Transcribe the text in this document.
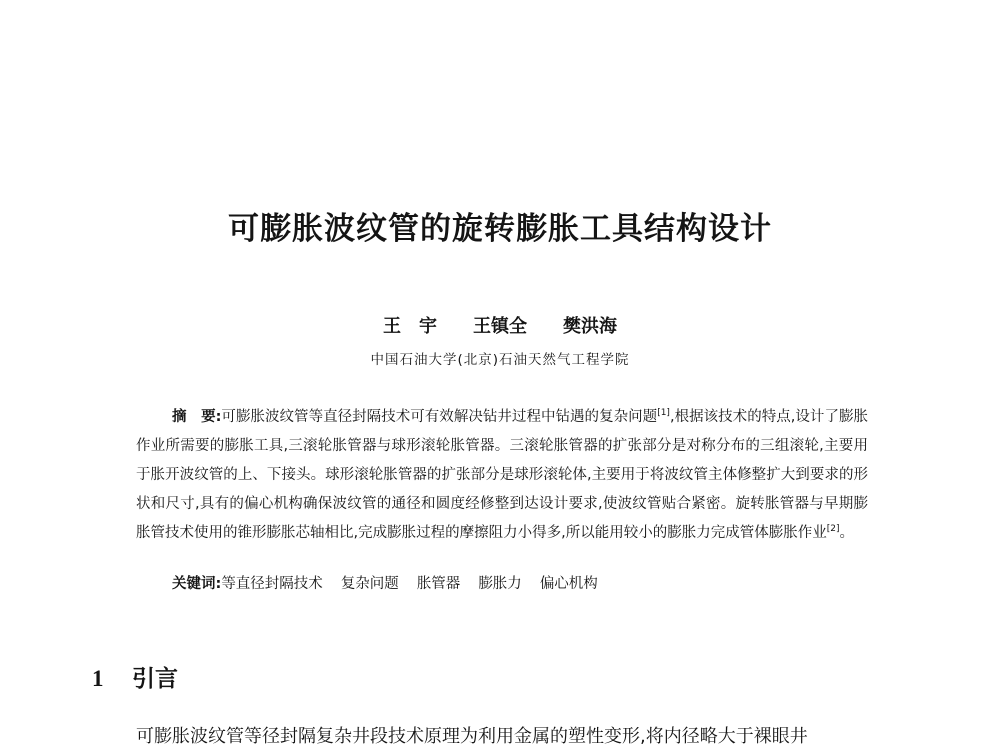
可膨胀波纹管的旋转膨胀工具结构设计
王　宇　　王镇全　　樊洪海
中国石油大学(北京)石油天然气工程学院
摘　要:可膨胀波纹管等直径封隔技术可有效解决钻井过程中钻遇的复杂问题[1],根据该技术的特点,设计了膨胀作业所需要的膨胀工具,三滚轮胀管器与球形滚轮胀管器。三滚轮胀管器的扩张部分是对称分布的三组滚轮,主要用于胀开波纹管的上、下接头。球形滚轮胀管器的扩张部分是球形滚轮体,主要用于将波纹管主体修整扩大到要求的形状和尺寸,具有的偏心机构确保波纹管的通径和圆度经修整到达设计要求,使波纹管贴合紧密。旋转胀管器与早期膨胀管技术使用的锥形膨胀芯轴相比,完成膨胀过程的摩擦阻力小得多,所以能用较小的膨胀力完成管体膨胀作业[2]。
关键词:等直径封隔技术 复杂问题 胀管器 膨胀力 偏心机构
1 引言
可膨胀波纹管等径封隔复杂井段技术原理为利用金属的塑性变形,将内径略大于裸眼井
